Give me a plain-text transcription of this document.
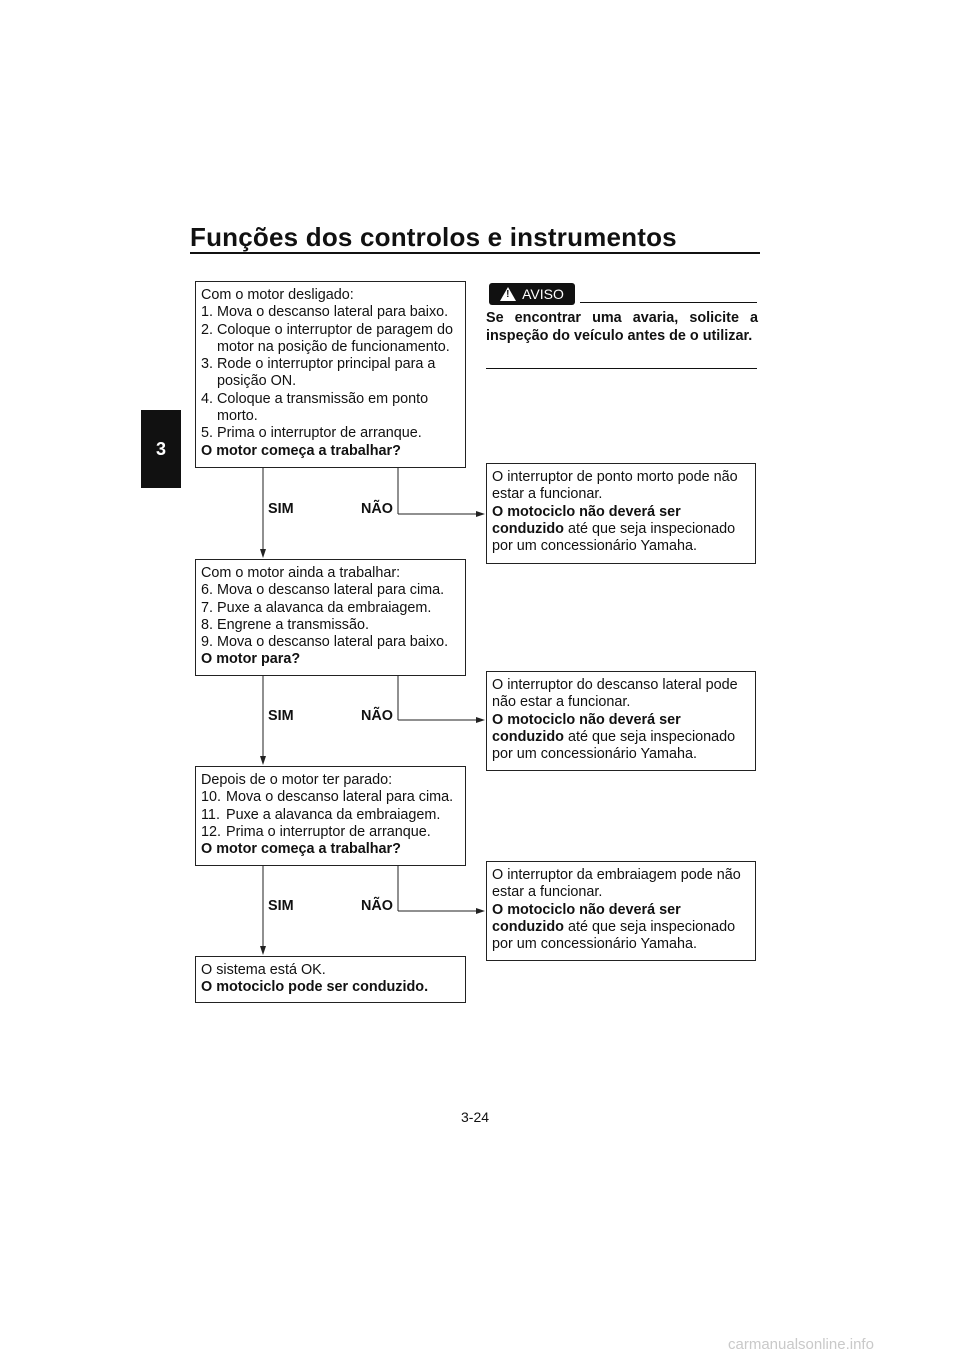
Funções dos controlos e instrumentos
3

Com o motor desligado:

1. Mova o descanso lateral para baixo.
2. Coloque o interruptor de paragem do motor na posição de funcionamento.
3. Rode o interruptor principal para a posição ON.
4. Coloque a transmissão em ponto morto.
5. Prima o interruptor de arranque.

O motor começa a trabalhar?

SIM	NÃO
O interruptor de ponto morto pode não estar a funcionar.
O motociclo não deverá ser conduzido até que seja inspecionado por um concessionário Yamaha.

Com o motor ainda a trabalhar:

6. Mova o descanso lateral para cima.
7. Puxe a alavanca da embraiagem.
8. Engrene a transmissão.
9. Mova o descanso lateral para baixo.

O motor para?

SIM	NÃO
O interruptor do descanso lateral pode não estar a funcionar.
O motociclo não deverá ser conduzido até que seja inspecionado por um concessionário Yamaha.

Depois de o motor ter parado:

10. Mova o descanso lateral para cima.
11. Puxe a alavanca da embraiagem.
12. Prima o interruptor de arranque.

O motor começa a trabalhar?

SIM	NÃO
O interruptor da embraiagem pode não estar a funcionar.
O motociclo não deverá ser conduzido até que seja inspecionado por um concessionário Yamaha.

O sistema está OK.

O motociclo pode ser conduzido.

! AVISO
Se encontrar uma avaria, solicite a inspeção do veículo antes de o utilizar.
3-24
carmanualsonline.info
